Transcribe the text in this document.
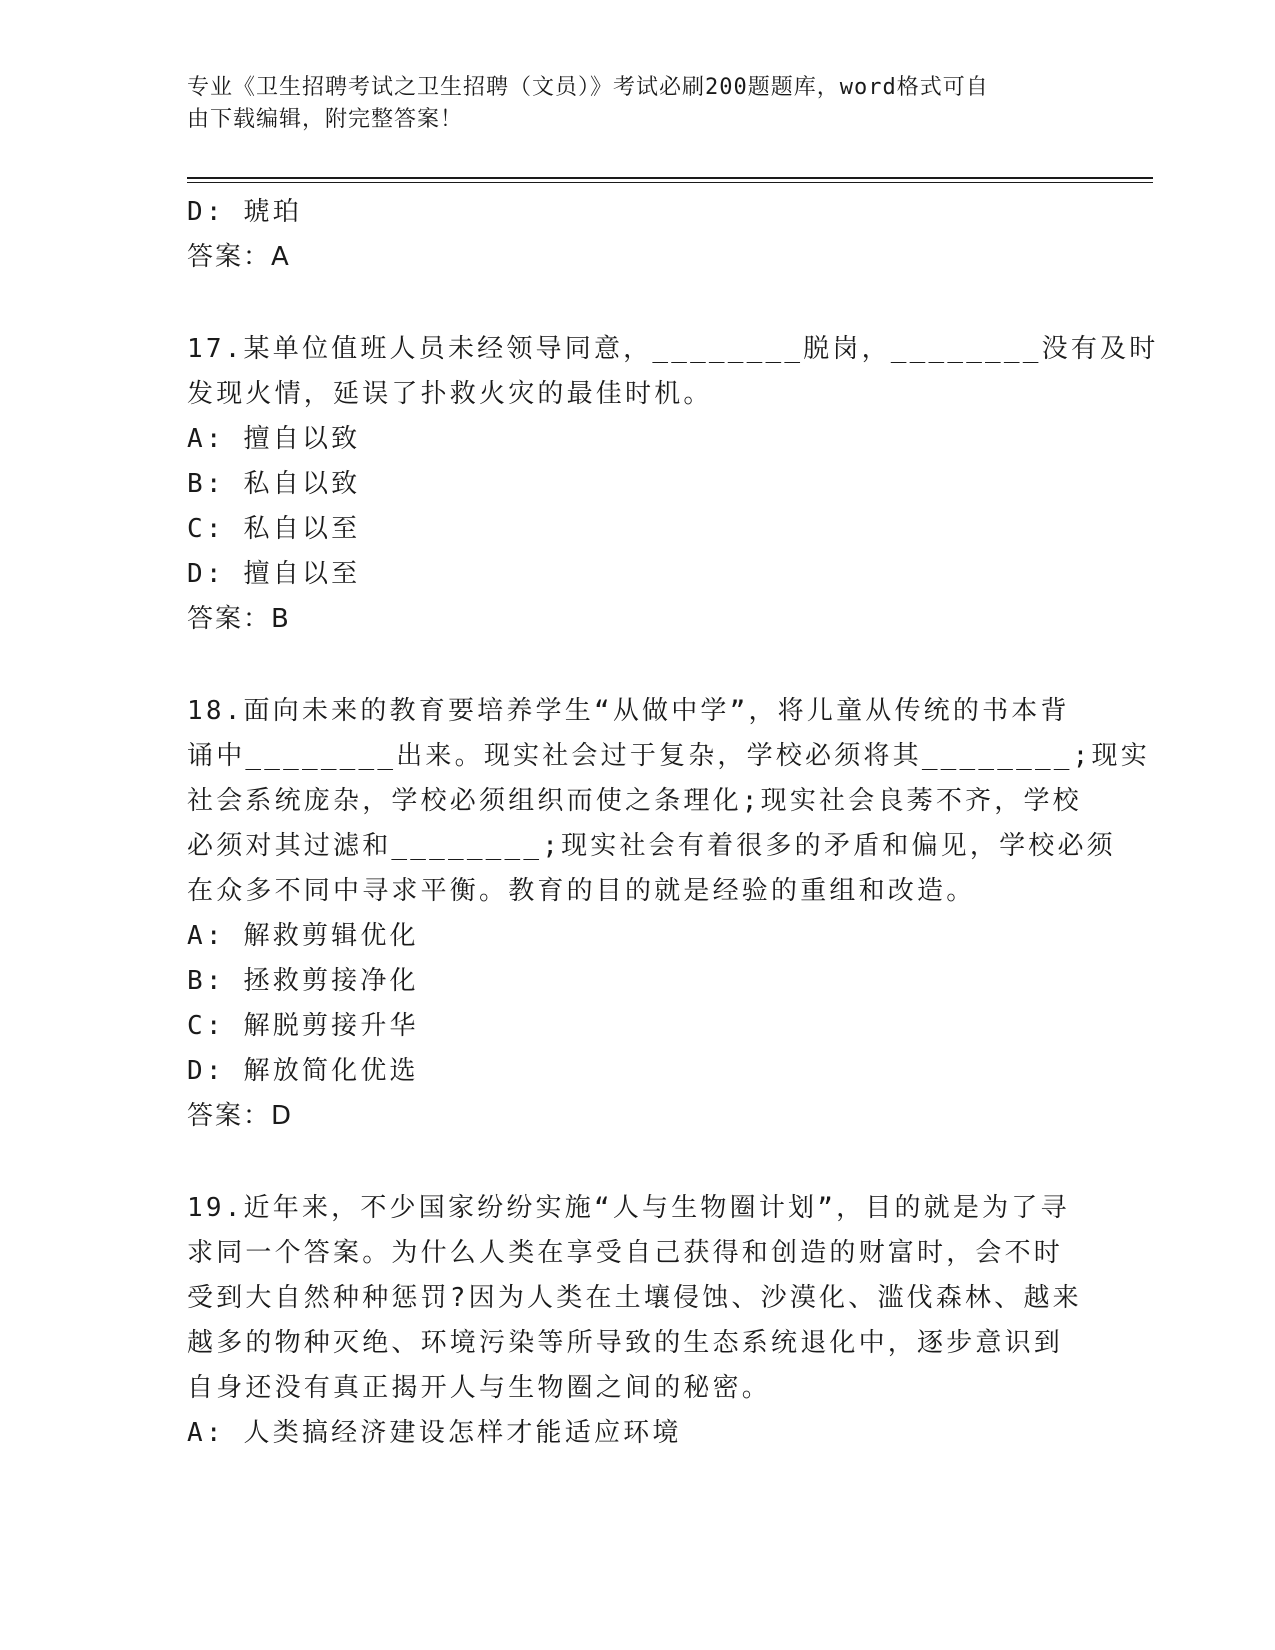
专业《卫生招聘考试之卫生招聘（文员）》考试必刷200题题库，word格式可自
由下载编辑，附完整答案！
D: 琥珀
答案：A
17.某单位值班人员未经领导同意，________脱岗，________没有及时
发现火情，延误了扑救火灾的最佳时机。
A: 擅自以致
B: 私自以致
C: 私自以至
D: 擅自以至
答案：B
18.面向未来的教育要培养学生“从做中学”，将儿童从传统的书本背
诵中________出来。现实社会过于复杂，学校必须将其________;现实
社会系统庞杂，学校必须组织而使之条理化;现实社会良莠不齐，学校
必须对其过滤和________;现实社会有着很多的矛盾和偏见，学校必须
在众多不同中寻求平衡。教育的目的就是经验的重组和改造。
A: 解救剪辑优化
B: 拯救剪接净化
C: 解脱剪接升华
D: 解放简化优选
答案：D
19.近年来，不少国家纷纷实施“人与生物圈计划”，目的就是为了寻
求同一个答案。为什么人类在享受自己获得和创造的财富时，会不时
受到大自然种种惩罚?因为人类在土壤侵蚀、沙漠化、滥伐森林、越来
越多的物种灭绝、环境污染等所导致的生态系统退化中，逐步意识到
自身还没有真正揭开人与生物圈之间的秘密。
A: 人类搞经济建设怎样才能适应环境
